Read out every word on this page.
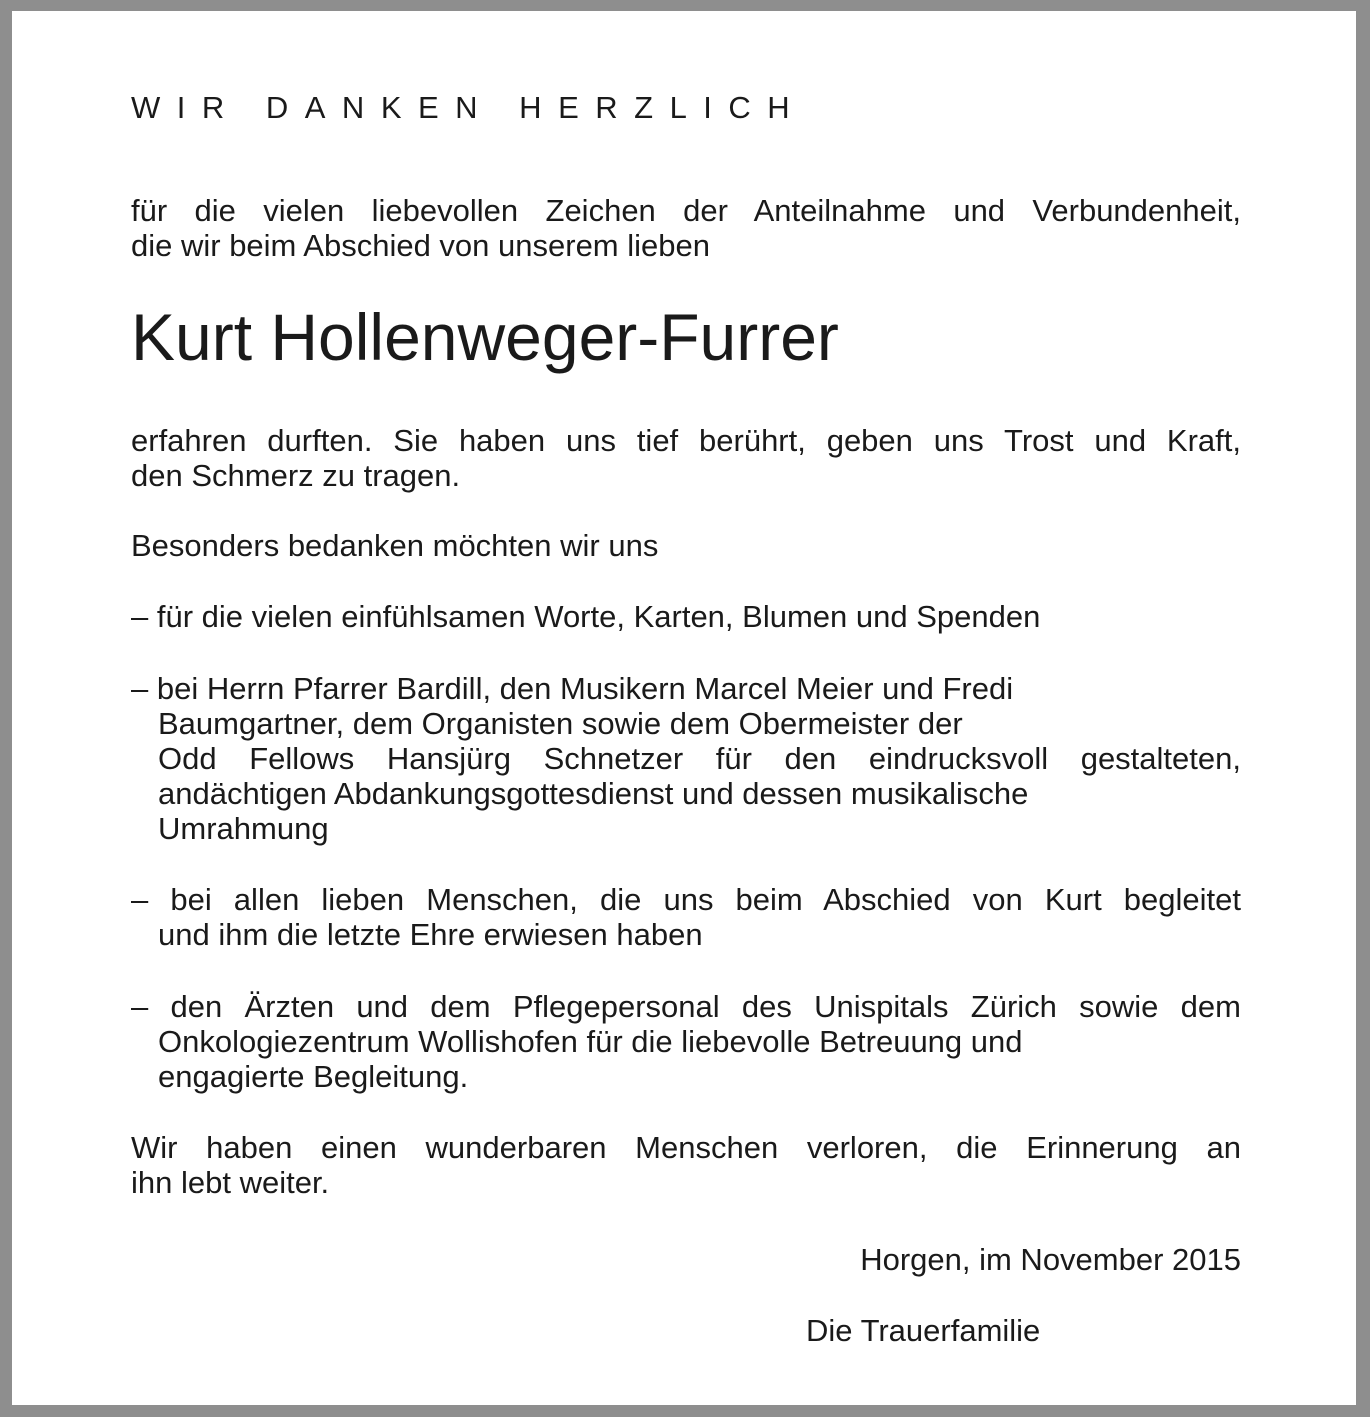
WIR DANKEN HERZLICH
für die vielen liebevollen Zeichen der Anteilnahme und Verbundenheit,
die wir beim Abschied von unserem lieben
Kurt Hollenweger-Furrer
erfahren durften. Sie haben uns tief berührt, geben uns Trost und Kraft,
den Schmerz zu tragen.
Besonders bedanken möchten wir uns
– für die vielen einfühlsamen Worte, Karten, Blumen und Spenden
– bei Herrn Pfarrer Bardill, den Musikern Marcel Meier und Fredi
Baumgartner, dem Organisten sowie dem Obermeister der
Odd Fellows Hansjürg Schnetzer für den eindrucksvoll gestalteten,
andächtigen Abdankungsgottesdienst und dessen musikalische
Umrahmung
– bei allen lieben Menschen, die uns beim Abschied von Kurt begleitet
und ihm die letzte Ehre erwiesen haben
– den Ärzten und dem Pflegepersonal des Unispitals Zürich sowie dem
Onkologiezentrum Wollishofen für die liebevolle Betreuung und
engagierte Begleitung.
Wir haben einen wunderbaren Menschen verloren, die Erinnerung an
ihn lebt weiter.
Horgen, im November 2015
Die Trauerfamilie
